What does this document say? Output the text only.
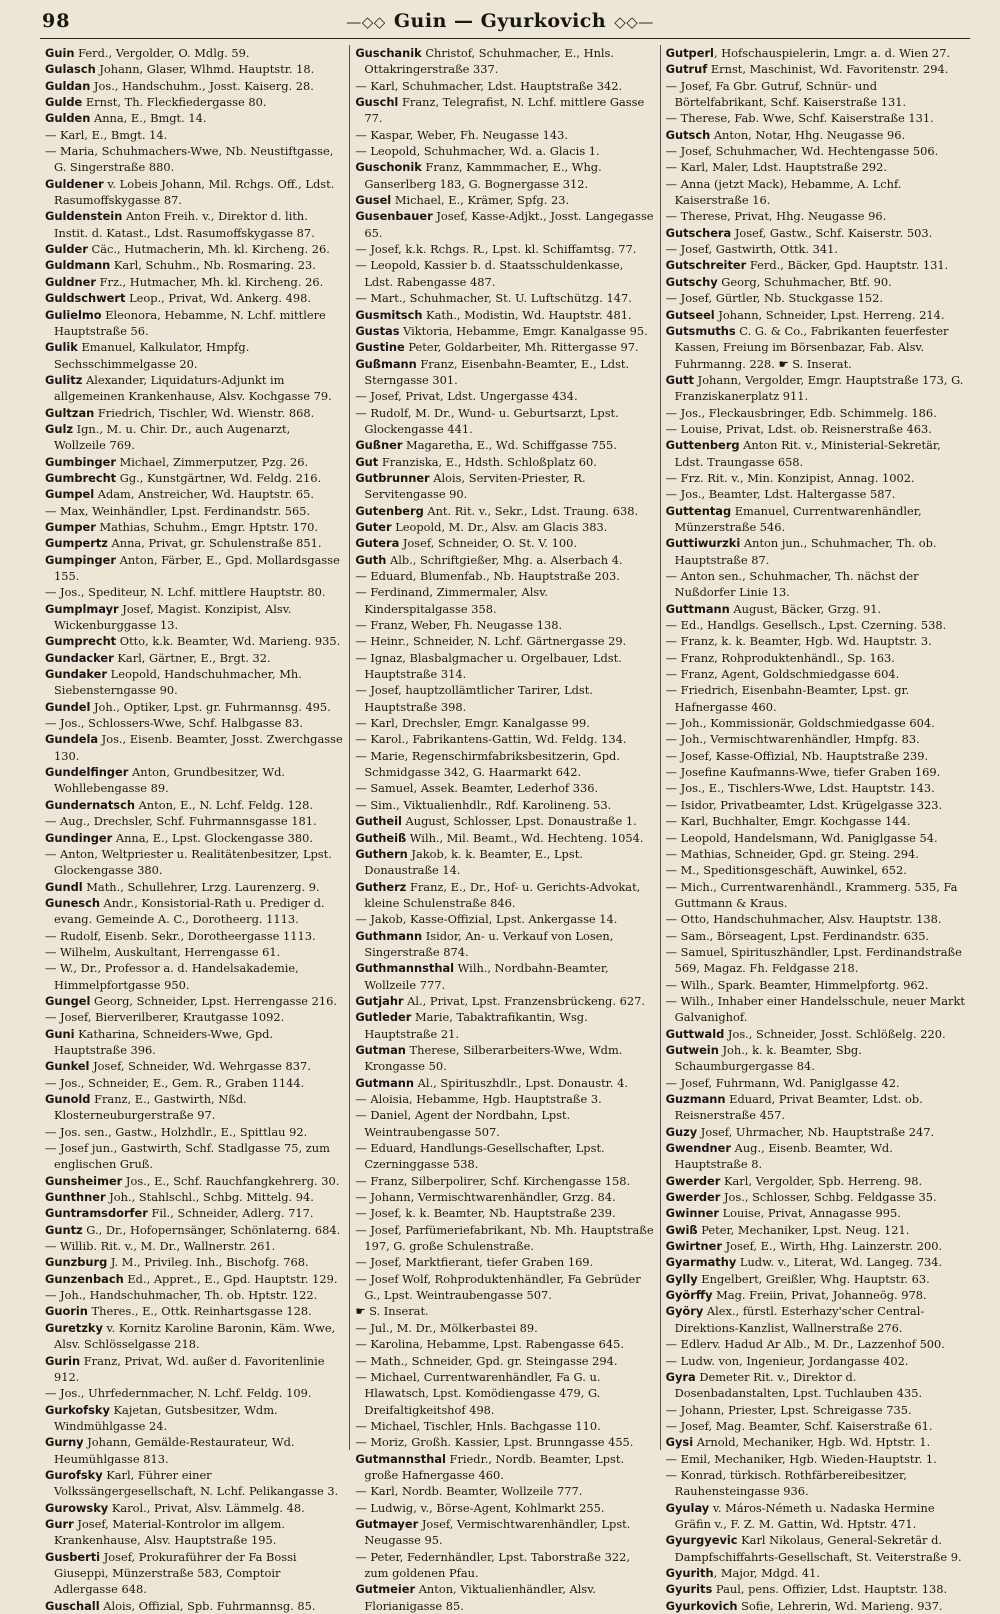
98	—◇◇ Guin — Gyurkovich ◇◇—
Guin Ferd., Vergolder, O. Mdlg. 59.
Gulasch Johann, Glaser, Wlhmd. Hauptstr. 18.
Guldan Jos., Handschuhm., Josst. Kaiserg. 28.
Gulde Ernst, Th. Fleckfiedergasse 80.
Gulden Anna, E., Bmgt. 14.
— Karl, E., Bmgt. 14.
— Maria, Schuhmachers-Wwe, Nb. Neustiftgasse, G. Singerstraße 880.
Guldener v. Lobeis Johann, Mil. Rchgs. Off., Ldst. Rasumoffskygasse 87.
Guldenstein Anton Freih. v., Direktor d. lith. Instit. d. Katast., Ldst. Rasumoffskygasse 87.
Gulder Cäc., Hutmacherin, Mh. kl. Kircheng. 26.
Guldmann Karl, Schuhm., Nb. Rosmaring. 23.
Guldner Frz., Hutmacher, Mh. kl. Kircheng. 26.
Guldschwert Leop., Privat, Wd. Ankerg. 498.
Gulielmo Eleonora, Hebamme, N. Lchf. mittlere Hauptstraße 56.
Gulik Emanuel, Kalkulator, Hmpfg. Sechsschimmelgasse 20.
Gulitz Alexander, Liquidaturs-Adjunkt im allgemeinen Krankenhause, Alsv. Kochgasse 79.
Gultzan Friedrich, Tischler, Wd. Wienstr. 868.
Gulz Ign., M. u. Chir. Dr., auch Augenarzt, Wollzeile 769.
Gumbinger Michael, Zimmerputzer, Pzg. 26.
Gumbrecht Gg., Kunstgärtner, Wd. Feldg. 216.
Gumpel Adam, Anstreicher, Wd. Hauptstr. 65.
— Max, Weinhändler, Lpst. Ferdinandstr. 565.
Gumper Mathias, Schuhm., Emgr. Hptstr. 170.
Gumpertz Anna, Privat, gr. Schulenstraße 851.
Gumpinger Anton, Färber, E., Gpd. Mollardsgasse 155.
— Jos., Spediteur, N. Lchf. mittlere Hauptstr. 80.
Gumplmayr Josef, Magist. Konzipist, Alsv. Wickenburggasse 13.
Gumprecht Otto, k.k. Beamter, Wd. Marieng. 935.
Gundacker Karl, Gärtner, E., Brgt. 32.
Gundaker Leopold, Handschuhmacher, Mh. Siebensterngasse 90.
Gundel Joh., Optiker, Lpst. gr. Fuhrmannsg. 495.
— Jos., Schlossers-Wwe, Schf. Halbgasse 83.
Gundela Jos., Eisenb. Beamter, Josst. Zwerchgasse 130.
Gundelfinger Anton, Grundbesitzer, Wd. Wohllebengasse 89.
Gundernatsch Anton, E., N. Lchf. Feldg. 128.
— Aug., Drechsler, Schf. Fuhrmannsgasse 181.
Gundinger Anna, E., Lpst. Glockengasse 380.
— Anton, Weltpriester u. Realitätenbesitzer, Lpst. Glockengasse 380.
Gundl Math., Schullehrer, Lrzg. Laurenzerg. 9.
Gunesch Andr., Konsistorial-Rath u. Prediger d. evang. Gemeinde A. C., Dorotheerg. 1113.
— Rudolf, Eisenb. Sekr., Dorotheergasse 1113.
— Wilhelm, Auskultant, Herrengasse 61.
— W., Dr., Professor a. d. Handelsakademie, Himmelpfortgasse 950.
Gungel Georg, Schneider, Lpst. Herrengasse 216.
— Josef, Bierverilberer, Krautgasse 1092.
Guni Katharina, Schneiders-Wwe, Gpd. Hauptstraße 396.
Gunkel Josef, Schneider, Wd. Wehrgasse 837.
— Jos., Schneider, E., Gem. R., Graben 1144.
Gunold Franz, E., Gastwirth, Nßd. Klosterneuburgerstraße 97.
— Jos. sen., Gastw., Holzhdlr., E., Spittlau 92.
— Josef jun., Gastwirth, Schf. Stadlgasse 75, zum englischen Gruß.
Gunsheimer Jos., E., Schf. Rauchfangkehrerg. 30.
Gunthner Joh., Stahlschl., Schbg. Mittelg. 94.
Guntramsdorfer Fil., Schneider, Adlerg. 717.
Guntz G., Dr., Hofopernsänger, Schönlaterng. 684.
— Willib. Rit. v., M. Dr., Wallnerstr. 261.
Gunzburg J. M., Privileg. Inh., Bischofg. 768.
Gunzenbach Ed., Appret., E., Gpd. Hauptstr. 129.
— Joh., Handschuhmacher, Th. ob. Hptstr. 122.
Guorin Theres., E., Ottk. Reinhartsgasse 128.
Guretzky v. Kornitz Karoline Baronin, Käm. Wwe, Alsv. Schlösselgasse 218.
Gurin Franz, Privat, Wd. außer d. Favoritenlinie 912.
— Jos., Uhrfedernmacher, N. Lchf. Feldg. 109.
Gurkofsky Kajetan, Gutsbesitzer, Wdm. Windmühlgasse 24.
Gurny Johann, Gemälde-Restaurateur, Wd. Heumühlgasse 813.
Gurofsky Karl, Führer einer Volkssängergesellschaft, N. Lchf. Pelikangasse 3.
Gurowsky Karol., Privat, Alsv. Lämmelg. 48.
Gurr Josef, Material-Kontrolor im allgem. Krankenhause, Alsv. Hauptstraße 195.
Gusberti Josef, Prokuraführer der Fa Bossi Giuseppi, Münzerstraße 583, Comptoir Adlergasse 648.
Guschall Alois, Offizial, Spb. Fuhrmannsg. 85.
Guschanik Christof, Schuhmacher, E., Hnls. Ottakringerstraße 337.
— Karl, Schuhmacher, Ldst. Hauptstraße 342.
Guschl Franz, Telegrafist, N. Lchf. mittlere Gasse 77.
— Kaspar, Weber, Fh. Neugasse 143.
— Leopold, Schuhmacher, Wd. a. Glacis 1.
Guschonik Franz, Kammmacher, E., Whg. Ganserlberg 183, G. Bognergasse 312.
Gusel Michael, E., Krämer, Spfg. 23.
Gusenbauer Josef, Kasse-Adjkt., Josst. Langegasse 65.
— Josef, k.k. Rchgs. R., Lpst. kl. Schiffamtsg. 77.
— Leopold, Kassier b. d. Staatsschuldenkasse, Ldst. Rabengasse 487.
— Mart., Schuhmacher, St. U. Luftschützg. 147.
Gusmitsch Kath., Modistin, Wd. Hauptstr. 481.
Gustas Viktoria, Hebamme, Emgr. Kanalgasse 95.
Gustine Peter, Goldarbeiter, Mh. Rittergasse 97.
Gußmann Franz, Eisenbahn-Beamter, E., Ldst. Sterngasse 301.
— Josef, Privat, Ldst. Ungergasse 434.
— Rudolf, M. Dr., Wund- u. Geburtsarzt, Lpst. Glockengasse 441.
Gußner Magaretha, E., Wd. Schiffgasse 755.
Gut Franziska, E., Hdsth. Schloßplatz 60.
Gutbrunner Alois, Serviten-Priester, R. Servitengasse 90.
Gutenberg Ant. Rit. v., Sekr., Ldst. Traung. 638.
Guter Leopold, M. Dr., Alsv. am Glacis 383.
Gutera Josef, Schneider, O. St. V. 100.
Guth Alb., Schriftgießer, Mhg. a. Alserbach 4.
— Eduard, Blumenfab., Nb. Hauptstraße 203.
— Ferdinand, Zimmermaler, Alsv. Kinderspitalgasse 358.
— Franz, Weber, Fh. Neugasse 138.
— Heinr., Schneider, N. Lchf. Gärtnergasse 29.
— Ignaz, Blasbalgmacher u. Orgelbauer, Ldst. Hauptstraße 314.
— Josef, hauptzollämtlicher Tarirer, Ldst. Hauptstraße 398.
— Karl, Drechsler, Emgr. Kanalgasse 99.
— Karol., Fabrikantens-Gattin, Wd. Feldg. 134.
— Marie, Regenschirmfabriksbesitzerin, Gpd. Schmidgasse 342, G. Haarmarkt 642.
— Samuel, Assek. Beamter, Lederhof 336.
— Sim., Viktualienhdlr., Rdf. Karolineng. 53.
Gutheil August, Schlosser, Lpst. Donaustraße 1.
Gutheiß Wilh., Mil. Beamt., Wd. Hechteng. 1054.
Guthern Jakob, k. k. Beamter, E., Lpst. Donaustraße 14.
Gutherz Franz, E., Dr., Hof- u. Gerichts-Advokat, kleine Schulenstraße 846.
— Jakob, Kasse-Offizial, Lpst. Ankergasse 14.
Guthmann Isidor, An- u. Verkauf von Losen, Singerstraße 874.
Guthmannsthal Wilh., Nordbahn-Beamter, Wollzeile 777.
Gutjahr Al., Privat, Lpst. Franzensbrückeng. 627.
Gutleder Marie, Tabaktrafikantin, Wsg. Hauptstraße 21.
Gutman Therese, Silberarbeiters-Wwe, Wdm. Krongasse 50.
Gutmann Al., Spirituszhdlr., Lpst. Donaustr. 4.
— Aloisia, Hebamme, Hgb. Hauptstraße 3.
— Daniel, Agent der Nordbahn, Lpst. Weintraubengasse 507.
— Eduard, Handlungs-Gesellschafter, Lpst. Czerninggasse 538.
— Franz, Silberpolirer, Schf. Kirchengasse 158.
— Johann, Vermischtwarenhändler, Grzg. 84.
— Josef, k. k. Beamter, Nb. Hauptstraße 239.
— Josef, Parfümeriefabrikant, Nb. Mh. Hauptstraße 197, G. große Schulenstraße.
— Josef, Marktfierant, tiefer Graben 169.
— Josef Wolf, Rohproduktenhändler, Fa Gebrüder G., Lpst. Weintraubengasse 507.
☛ S. Inserat.
— Jul., M. Dr., Mölkerbastei 89.
— Karolina, Hebamme, Lpst. Rabengasse 645.
— Math., Schneider, Gpd. gr. Steingasse 294.
— Michael, Currentwarenhändler, Fa G. u. Hlawatsch, Lpst. Komödiengasse 479, G. Dreifaltigkeitshof 498.
— Michael, Tischler, Hnls. Bachgasse 110.
— Moriz, Großh. Kassier, Lpst. Brunngasse 455.
Gutmannsthal Friedr., Nordb. Beamter, Lpst. große Hafnergasse 460.
— Karl, Nordb. Beamter, Wollzeile 777.
— Ludwig, v., Börse-Agent, Kohlmarkt 255.
Gutmayer Josef, Vermischtwarenhändler, Lpst. Neugasse 95.
— Peter, Federnhändler, Lpst. Taborstraße 322, zum goldenen Pfau.
Gutmeier Anton, Viktualienhändler, Alsv. Florianigasse 85.
Gutperl, Hofschauspielerin, Lmgr. a. d. Wien 27.
Gutruf Ernst, Maschinist, Wd. Favoritenstr. 294.
— Josef, Fa Gbr. Gutruf, Schnür- und Börtelfabrikant, Schf. Kaiserstraße 131.
— Therese, Fab. Wwe, Schf. Kaiserstraße 131.
Gutsch Anton, Notar, Hhg. Neugasse 96.
— Josef, Schuhmacher, Wd. Hechtengasse 506.
— Karl, Maler, Ldst. Hauptstraße 292.
— Anna (jetzt Mack), Hebamme, A. Lchf. Kaiserstraße 16.
— Therese, Privat, Hhg. Neugasse 96.
Gutschera Josef, Gastw., Schf. Kaiserstr. 503.
— Josef, Gastwirth, Ottk. 341.
Gutschreiter Ferd., Bäcker, Gpd. Hauptstr. 131.
Gutschy Georg, Schuhmacher, Btf. 90.
— Josef, Gürtler, Nb. Stuckgasse 152.
Gutseel Johann, Schneider, Lpst. Herreng. 214.
Gutsmuths C. G. & Co., Fabrikanten feuerfester Kassen, Freiung im Börsenbazar, Fab. Alsv. Fuhrmanng. 228. ☛ S. Inserat.
Gutt Johann, Vergolder, Emgr. Hauptstraße 173, G. Franziskanerplatz 911.
— Jos., Fleckausbringer, Edb. Schimmelg. 186.
— Louise, Privat, Ldst. ob. Reisnerstraße 463.
Guttenberg Anton Rit. v., Ministerial-Sekretär, Ldst. Traungasse 658.
— Frz. Rit. v., Min. Konzipist, Annag. 1002.
— Jos., Beamter, Ldst. Haltergasse 587.
Guttentag Emanuel, Currentwarenhändler, Münzerstraße 546.
Guttiwurzki Anton jun., Schuhmacher, Th. ob. Hauptstraße 87.
— Anton sen., Schuhmacher, Th. nächst der Nußdorfer Linie 13.
Guttmann August, Bäcker, Grzg. 91.
— Ed., Handlgs. Gesellsch., Lpst. Czerning. 538.
— Franz, k. k. Beamter, Hgb. Wd. Hauptstr. 3.
— Franz, Rohproduktenhändl., Sp. 163.
— Franz, Agent, Goldschmiedgasse 604.
— Friedrich, Eisenbahn-Beamter, Lpst. gr. Hafnergasse 460.
— Joh., Kommissionär, Goldschmiedgasse 604.
— Joh., Vermischtwarenhändler, Hmpfg. 83.
— Josef, Kasse-Offizial, Nb. Hauptstraße 239.
— Josefine Kaufmanns-Wwe, tiefer Graben 169.
— Jos., E., Tischlers-Wwe, Ldst. Hauptstr. 143.
— Isidor, Privatbeamter, Ldst. Krügelgasse 323.
— Karl, Buchhalter, Emgr. Kochgasse 144.
— Leopold, Handelsmann, Wd. Paniglgasse 54.
— Mathias, Schneider, Gpd. gr. Steing. 294.
— M., Speditionsgeschäft, Auwinkel, 652.
— Mich., Currentwarenhändl., Krammerg. 535, Fa Guttmann & Kraus.
— Otto, Handschuhmacher, Alsv. Hauptstr. 138.
— Sam., Börseagent, Lpst. Ferdinandstr. 635.
— Samuel, Spirituszhändler, Lpst. Ferdinandstraße 569, Magaz. Fh. Feldgasse 218.
— Wilh., Spark. Beamter, Himmelpfortg. 962.
— Wilh., Inhaber einer Handelsschule, neuer Markt Galvanighof.
Guttwald Jos., Schneider, Josst. Schlößelg. 220.
Gutwein Joh., k. k. Beamter, Sbg. Schaumburgergasse 84.
— Josef, Fuhrmann, Wd. Paniglgasse 42.
Guzmann Eduard, Privat Beamter, Ldst. ob. Reisnerstraße 457.
Guzy Josef, Uhrmacher, Nb. Hauptstraße 247.
Gwendner Aug., Eisenb. Beamter, Wd. Hauptstraße 8.
Gwerder Karl, Vergolder, Spb. Herreng. 98.
Gwerder Jos., Schlosser, Schbg. Feldgasse 35.
Gwinner Louise, Privat, Annagasse 995.
Gwiß Peter, Mechaniker, Lpst. Neug. 121.
Gwirtner Josef, E., Wirth, Hhg. Lainzerstr. 200.
Gyarmathy Ludw. v., Literat, Wd. Langeg. 734.
Gylly Engelbert, Greißler, Whg. Hauptstr. 63.
Györffy Mag. Freiin, Privat, Johanneög. 978.
Györy Alex., fürstl. Esterhazy'scher Central-Direktions-Kanzlist, Wallnerstraße 276.
— Edlerv. Hadud Ar Alb., M. Dr., Lazzenhof 500.
— Ludw. von, Ingenieur, Jordangasse 402.
Gyra Demeter Rit. v., Direktor d. Dosenbadanstalten, Lpst. Tuchlauben 435.
— Johann, Priester, Lpst. Schreigasse 735.
— Josef, Mag. Beamter, Schf. Kaiserstraße 61.
Gysi Arnold, Mechaniker, Hgb. Wd. Hptstr. 1.
— Emil, Mechaniker, Hgb. Wieden-Hauptstr. 1.
— Konrad, türkisch. Rothfärbereibesitzer, Rauhensteingasse 936.
Gyulay v. Máros-Németh u. Nadaska Hermine Gräfin v., F. Z. M. Gattin, Wd. Hptstr. 471.
Gyurgyevic Karl Nikolaus, General-Sekretär d. Dampfschiffahrts-Gesellschaft, St. Veiterstraße 9.
Gyurith, Major, Mdgd. 41.
Gyurits Paul, pens. Offizier, Ldst. Hauptstr. 138.
Gyurkovich Sofie, Lehrerin, Wd. Marieng. 937.
